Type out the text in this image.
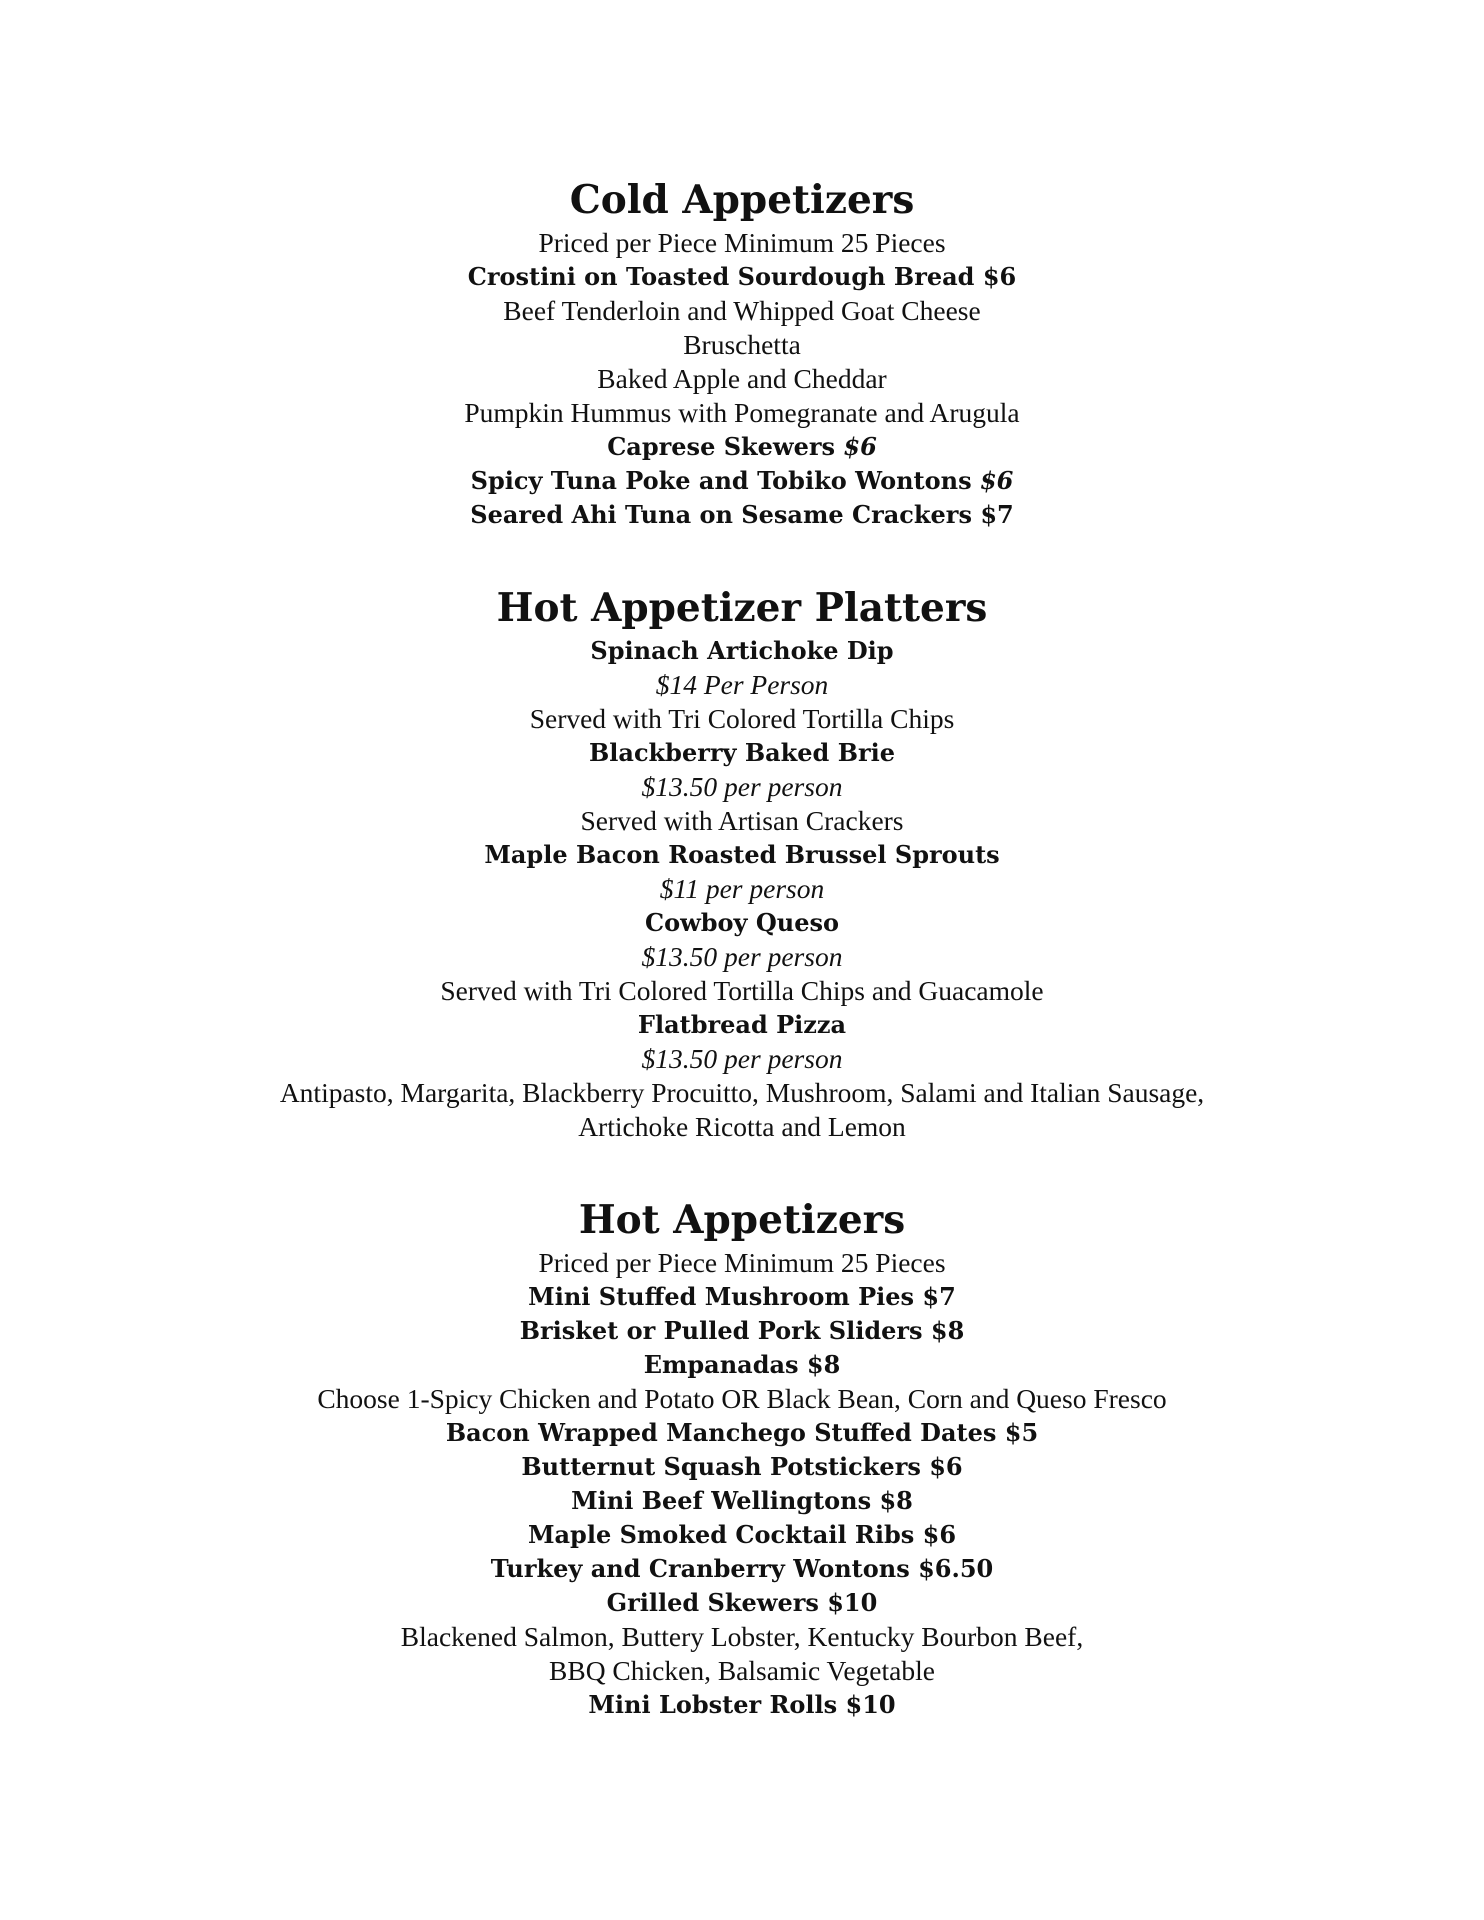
Cold Appetizers
Priced per Piece Minimum 25 Pieces
Crostini on Toasted Sourdough Bread $6
Beef Tenderloin and Whipped Goat Cheese
Bruschetta
Baked Apple and Cheddar
Pumpkin Hummus with Pomegranate and Arugula
Caprese Skewers $6
Spicy Tuna Poke and Tobiko Wontons $6
Seared Ahi Tuna on Sesame Crackers $7
Hot Appetizer Platters
Spinach Artichoke Dip
$14 Per Person
Served with Tri Colored Tortilla Chips
Blackberry Baked Brie
$13.50 per person
Served with Artisan Crackers
Maple Bacon Roasted Brussel Sprouts
$11 per person
Cowboy Queso
$13.50 per person
Served with Tri Colored Tortilla Chips and Guacamole
Flatbread Pizza
$13.50 per person
Antipasto, Margarita, Blackberry Procuitto, Mushroom, Salami and Italian Sausage,
Artichoke Ricotta and Lemon
Hot Appetizers
Priced per Piece Minimum 25 Pieces
Mini Stuffed Mushroom Pies $7
Brisket or Pulled Pork Sliders $8
Empanadas $8
Choose 1-Spicy Chicken and Potato OR Black Bean, Corn and Queso Fresco
Bacon Wrapped Manchego Stuffed Dates $5
Butternut Squash Potstickers $6
Mini Beef Wellingtons $8
Maple Smoked Cocktail Ribs $6
Turkey and Cranberry Wontons $6.50
Grilled Skewers $10
Blackened Salmon, Buttery Lobster, Kentucky Bourbon Beef,
BBQ Chicken, Balsamic Vegetable
Mini Lobster Rolls $10
